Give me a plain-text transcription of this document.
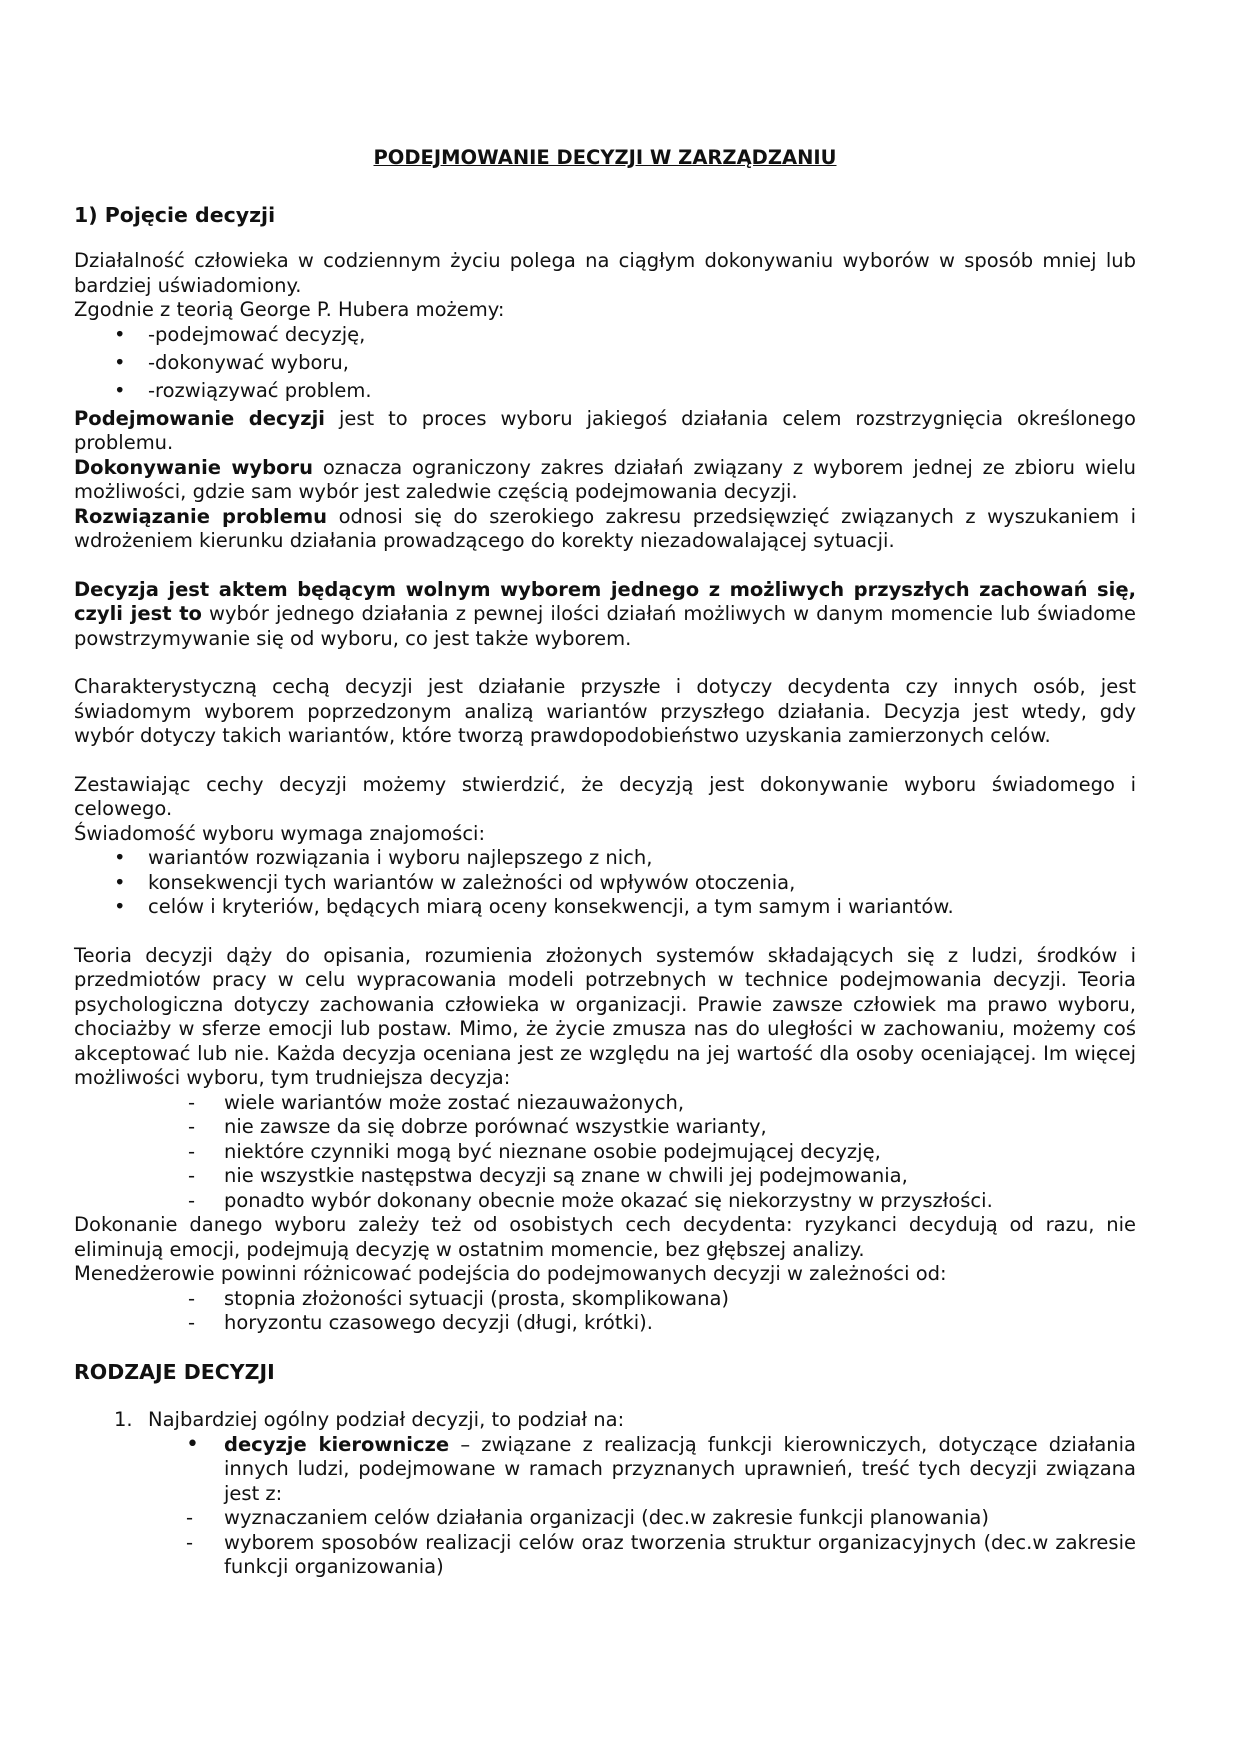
PODEJMOWANIE DECYZJI W ZARZĄDZANIU

1) Pojęcie decyzji

Działalność człowieka w codziennym życiu polega na ciągłym dokonywaniu wyborów w sposób mniej lub bardziej uświadomiony.

Zgodnie z teorią George P. Hubera możemy:

• -podejmować decyzję,
• -dokonywać wyboru,
• -rozwiązywać problem.

Podejmowanie decyzji jest to proces wyboru jakiegoś działania celem rozstrzygnięcia określonego problemu.

Dokonywanie wyboru oznacza ograniczony zakres działań związany z wyborem jednej ze zbioru wielu możliwości, gdzie sam wybór jest zaledwie częścią podejmowania decyzji.

Rozwiązanie problemu odnosi się do szerokiego zakresu przedsięwzięć związanych z wyszukaniem i wdrożeniem kierunku działania prowadzącego do korekty niezadowalającej sytuacji.

Decyzja jest aktem będącym wolnym wyborem jednego z możliwych przyszłych zachowań się, czyli jest to wybór jednego działania z pewnej ilości działań możliwych w danym momencie lub świadome powstrzymywanie się od wyboru, co jest także wyborem.

Charakterystyczną cechą decyzji jest działanie przyszłe i dotyczy decydenta czy innych osób, jest świadomym wyborem poprzedzonym analizą wariantów przyszłego działania. Decyzja jest wtedy, gdy wybór dotyczy takich wariantów, które tworzą prawdopodobieństwo uzyskania zamierzonych celów.

Zestawiając cechy decyzji możemy stwierdzić, że decyzją jest dokonywanie wyboru świadomego i celowego.

Świadomość wyboru wymaga znajomości:

• wariantów rozwiązania i wyboru najlepszego z nich,
• konsekwencji tych wariantów w zależności od wpływów otoczenia,
• celów i kryteriów, będących miarą oceny konsekwencji, a tym samym i wariantów.

Teoria decyzji dąży do opisania, rozumienia złożonych systemów składających się z ludzi, środków i przedmiotów pracy w celu wypracowania modeli potrzebnych w technice podejmowania decyzji. Teoria psychologiczna dotyczy zachowania człowieka w organizacji. Prawie zawsze człowiek ma prawo wyboru, chociażby w sferze emocji lub postaw. Mimo, że życie zmusza nas do uległości w zachowaniu, możemy coś akceptować lub nie. Każda decyzja oceniana jest ze względu na jej wartość dla osoby oceniającej. Im więcej możliwości wyboru, tym trudniejsza decyzja:

- wiele wariantów może zostać niezauważonych,
- nie zawsze da się dobrze porównać wszystkie warianty,
- niektóre czynniki mogą być nieznane osobie podejmującej decyzję,
- nie wszystkie następstwa decyzji są znane w chwili jej podejmowania,
- ponadto wybór dokonany obecnie może okazać się niekorzystny w przyszłości.

Dokonanie danego wyboru zależy też od osobistych cech decydenta: ryzykanci decydują od razu, nie eliminują emocji, podejmują decyzję w ostatnim momencie, bez głębszej analizy.

Menedżerowie powinni różnicować podejścia do podejmowanych decyzji w zależności od:

- stopnia złożoności sytuacji (prosta, skomplikowana)
- horyzontu czasowego decyzji (długi, krótki).

RODZAJE DECYZJI

1. Najbardziej ogólny podział decyzji, to podział na:

• decyzje kierownicze – związane z realizacją funkcji kierowniczych, dotyczące działania innych ludzi, podejmowane w ramach przyznanych uprawnień, treść tych decyzji związana jest z:
- wyznaczaniem celów działania organizacji (dec.w zakresie funkcji planowania)
- wyborem sposobów realizacji celów oraz tworzenia struktur organizacyjnych (dec.w zakresie funkcji organizowania)
